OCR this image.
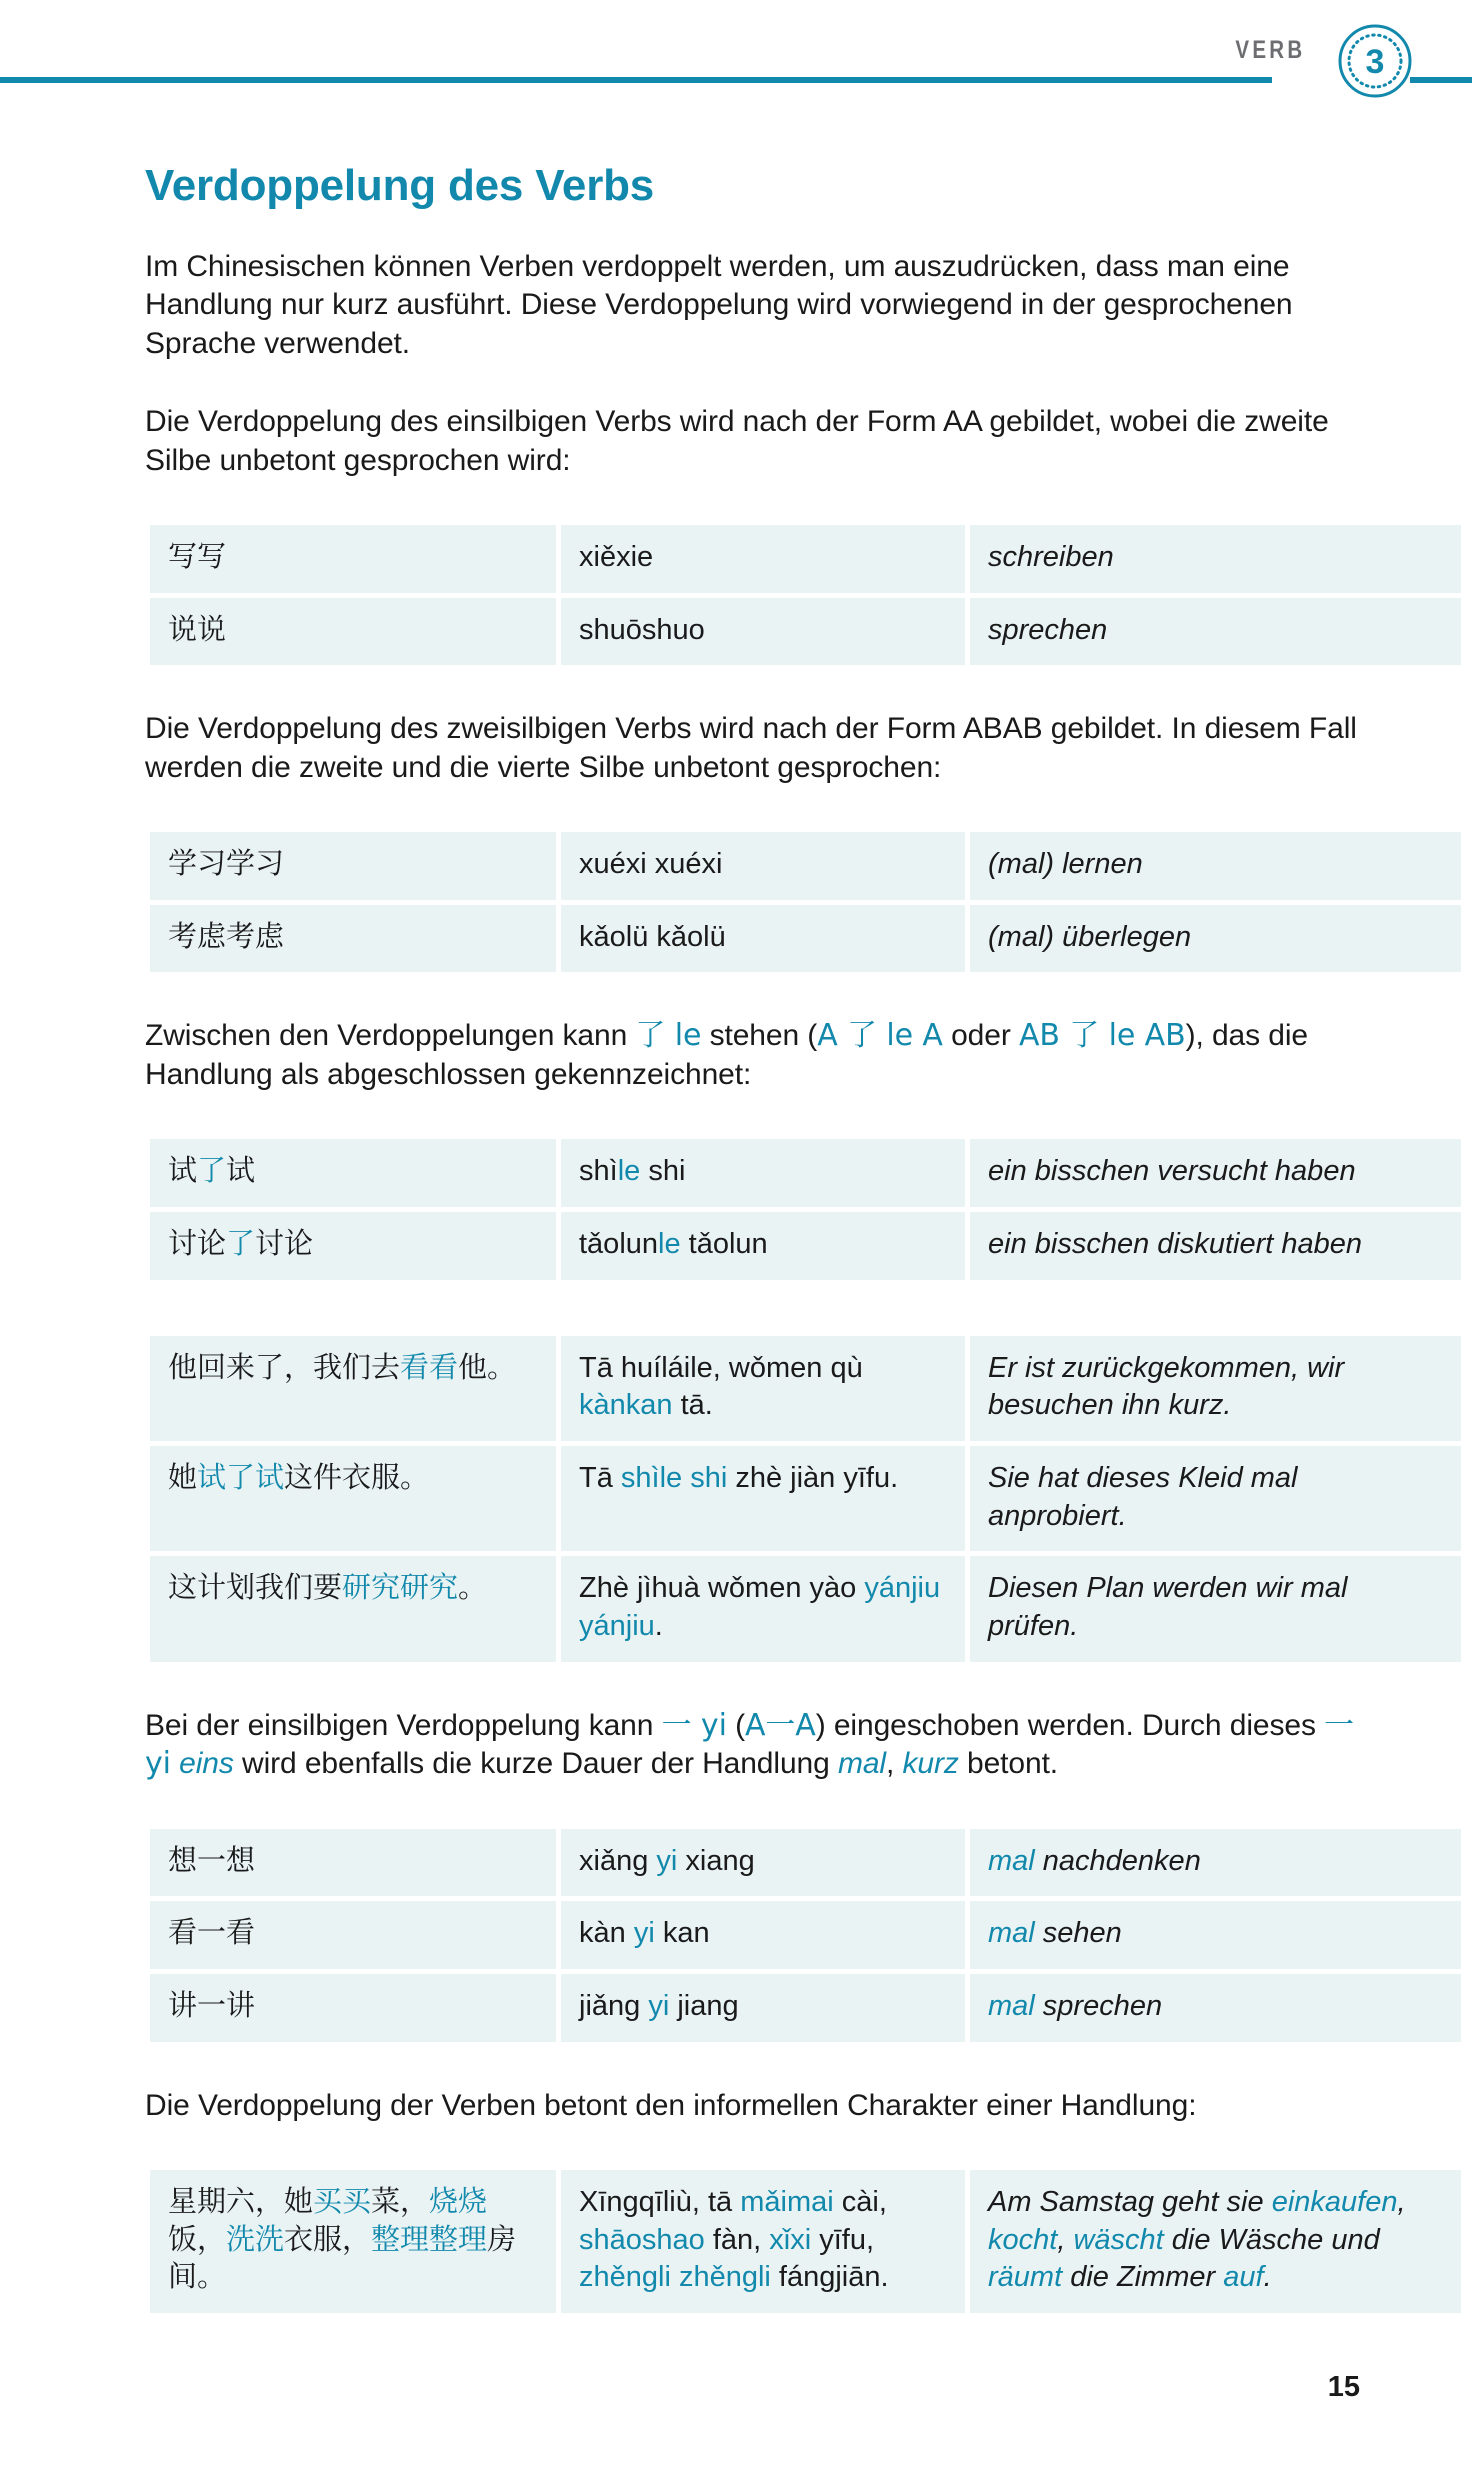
VERB	3
Verdoppelung des Verbs

Im Chinesischen können Verben verdoppelt werden, um auszudrücken, dass man eine Handlung nur kurz ausführt. Diese Verdoppelung wird vorwiegend in der gesprochenen Sprache verwendet.

Die Verdoppelung des einsilbigen Verbs wird nach der Form AA gebildet, wobei die zweite Silbe unbetont gesprochen wird:

写写	xiěxie	schreiben
说说	shuōshuo	sprechen

Die Verdoppelung des zweisilbigen Verbs wird nach der Form ABAB gebildet. In diesem Fall werden die zweite und die vierte Silbe unbetont gesprochen:

学习学习	xuéxi xuéxi	(mal) lernen
考虑考虑	kǎolü kǎolü	(mal) überlegen

Zwischen den Verdoppelungen kann 了 le stehen (A 了 le A oder AB 了 le AB), das die Handlung als abgeschlossen gekennzeichnet:

试了试	shìle shi	ein bisschen versucht haben
讨论了讨论	tǎolunle tǎolun	ein bisschen diskutiert haben
他回来了，我们去看看他。	Tā huíláile, wǒmen qù kànkan tā.	Er ist zurückgekommen, wir besuchen ihn kurz.
她试了试这件衣服。	Tā shìle shi zhè jiàn yīfu.	Sie hat dieses Kleid mal anprobiert.
这计划我们要研究研究。	Zhè jìhuà wǒmen yào yánjiu yánjiu.	Diesen Plan werden wir mal prüfen.

Bei der einsilbigen Verdoppelung kann 一 yi (A一A) eingeschoben werden. Durch dieses 一 yi eins wird ebenfalls die kurze Dauer der Handlung mal, kurz betont.

想一想	xiǎng yi xiang	mal nachdenken
看一看	kàn yi kan	mal sehen
讲一讲	jiǎng yi jiang	mal sprechen

Die Verdoppelung der Verben betont den informellen Charakter einer Handlung:

星期六，她买买菜，烧烧饭，洗洗衣服，整理整理房间。	Xīngqīliù, tā mǎimai cài, shāoshao fàn, xǐxi yīfu, zhěngli zhěngli fángjiān.	Am Samstag geht sie einkaufen, kocht, wäscht die Wäsche und räumt die Zimmer auf.
15
